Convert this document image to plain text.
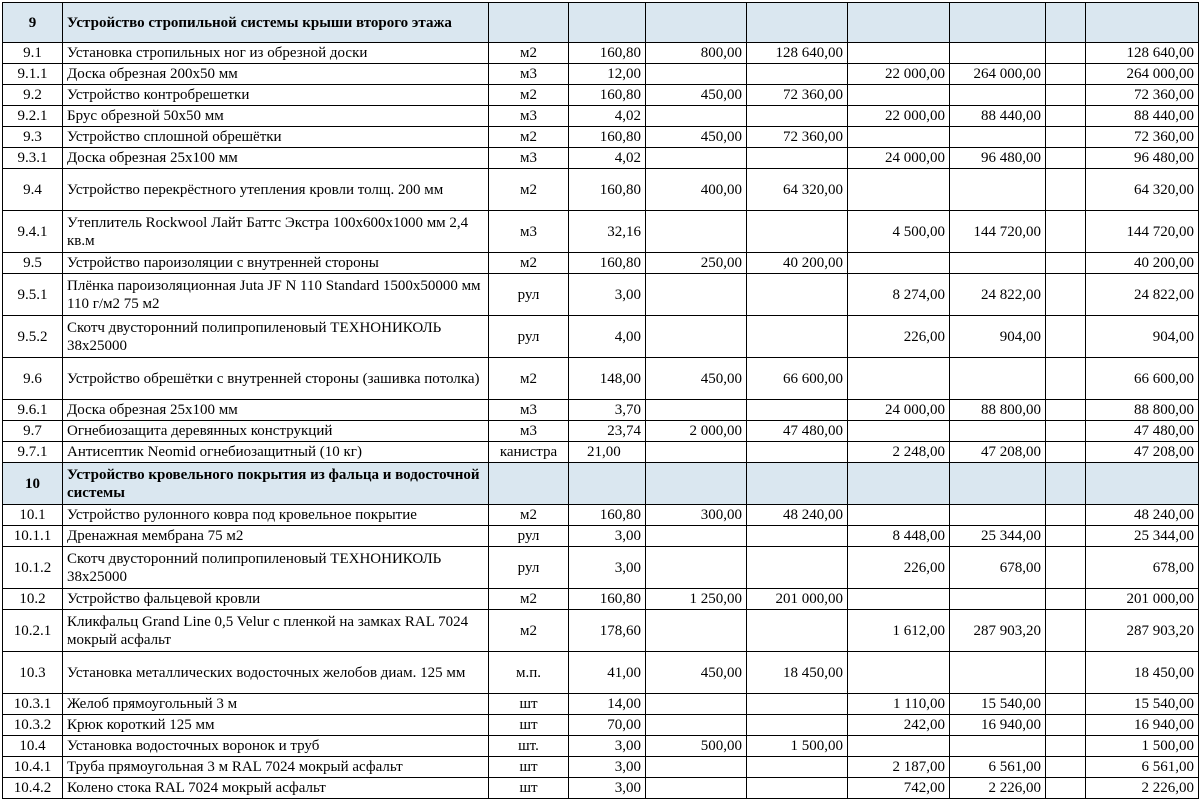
9	Устройство стропильной системы крыши второго этажа								
9.1	Установка стропильных ног из обрезной доски	м2	160,80	800,00	128 640,00				128 640,00
9.1.1	Доска обрезная 200х50 мм	м3	12,00			22 000,00	264 000,00		264 000,00
9.2	Устройство контробрешетки	м2	160,80	450,00	72 360,00				72 360,00
9.2.1	Брус обрезной 50х50 мм	м3	4,02			22 000,00	88 440,00		88 440,00
9.3	Устройство сплошной обрешётки	м2	160,80	450,00	72 360,00				72 360,00
9.3.1	Доска обрезная 25х100 мм	м3	4,02			24 000,00	96 480,00		96 480,00
9.4	Устройство перекрёстного утепления кровли толщ. 200 мм	м2	160,80	400,00	64 320,00				64 320,00
9.4.1	Утеплитель Rockwool Лайт Баттс Экстра 100х600х1000 мм 2,4 кв.м	м3	32,16			4 500,00	144 720,00		144 720,00
9.5	Устройство пароизоляции с внутренней стороны	м2	160,80	250,00	40 200,00				40 200,00
9.5.1	Плёнка пароизоляционная Juta JF N 110 Standard 1500х50000 мм 110 г/м2 75 м2	рул	3,00			8 274,00	24 822,00		24 822,00
9.5.2	Скотч двусторонний полипропиленовый ТЕХНОНИКОЛЬ 38х25000	рул	4,00			226,00	904,00		904,00
9.6	Устройство обрешётки с внутренней стороны (зашивка потолка)	м2	148,00	450,00	66 600,00				66 600,00
9.6.1	Доска обрезная 25х100 мм	м3	3,70			24 000,00	88 800,00		88 800,00
9.7	Огнебиозащита деревянных конструкций	м3	23,74	2 000,00	47 480,00				47 480,00
9.7.1	Антисептик Neomid огнебиозащитный (10 кг)	канистра	21,00			2 248,00	47 208,00		47 208,00
10	Устройство кровельного покрытия из фальца и водосточной системы								
10.1	Устройство рулонного ковра под кровельное покрытие	м2	160,80	300,00	48 240,00				48 240,00
10.1.1	Дренажная мембрана 75 м2	рул	3,00			8 448,00	25 344,00		25 344,00
10.1.2	Скотч двусторонний полипропиленовый ТЕХНОНИКОЛЬ 38х25000	рул	3,00			226,00	678,00		678,00
10.2	Устройство фальцевой кровли	м2	160,80	1 250,00	201 000,00				201 000,00
10.2.1	Кликфальц Grand Line 0,5 Velur с пленкой на замках RAL 7024 мокрый асфальт	м2	178,60			1 612,00	287 903,20		287 903,20
10.3	Установка металлических водосточных желобов диам. 125 мм	м.п.	41,00	450,00	18 450,00				18 450,00
10.3.1	Желоб прямоугольный 3 м	шт	14,00			1 110,00	15 540,00		15 540,00
10.3.2	Крюк короткий 125 мм	шт	70,00			242,00	16 940,00		16 940,00
10.4	Установка водосточных воронок и труб	шт.	3,00	500,00	1 500,00				1 500,00
10.4.1	Труба прямоугольная 3 м RAL 7024 мокрый асфальт	шт	3,00			2 187,00	6 561,00		6 561,00
10.4.2	Колено стока RAL 7024 мокрый асфальт	шт	3,00			742,00	2 226,00		2 226,00
